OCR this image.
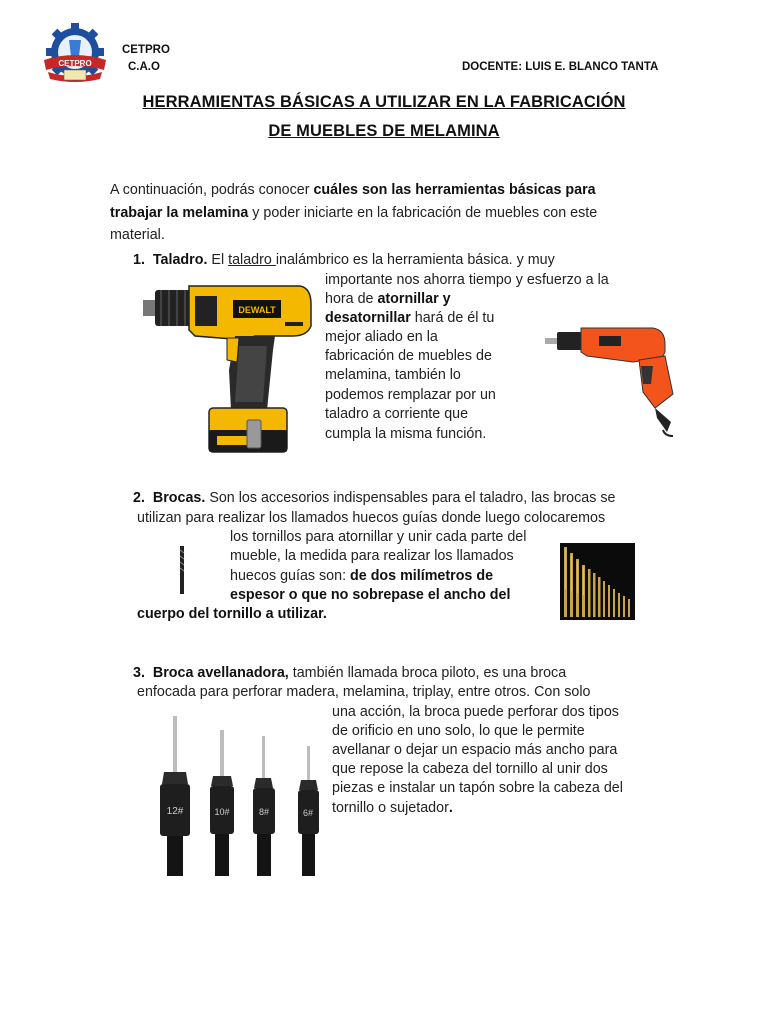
CETPRO
CETPRO
C.A.O	DOCENTE: LUIS E. BLANCO TANTA
HERRAMIENTAS BÁSICAS A UTILIZAR EN LA FABRICACIÓN
DE MUEBLES DE MELAMINA
A continuación, podrás conocer cuáles son las herramientas básicas para
trabajar la melamina y poder iniciarte en la fabricación de muebles con este
material.
1. Taladro. El taladro inalámbrico es la herramienta básica. y muy
importante nos ahorra tiempo y esfuerzo a la
hora de atornillar y
desatornillar hará de él tu
mejor aliado en la
fabricación de muebles de
melamina, también lo
podemos remplazar por un
taladro a corriente que
cumpla la misma función.
DEWALT
2. Brocas. Son los accesorios indispensables para el taladro, las brocas se
utilizan para realizar los llamados huecos guías donde luego colocaremos
los tornillos para atornillar y unir cada parte del
mueble, la medida para realizar los llamados
huecos guías son: de dos milímetros de
espesor o que no sobrepase el ancho del
cuerpo del tornillo a utilizar.
3. Broca avellanadora, también llamada broca piloto, es una broca
enfocada para perforar madera, melamina, triplay, entre otros. Con solo
una acción, la broca puede perforar dos tipos
de orificio en uno solo, lo que le permite
avellanar o dejar un espacio más ancho para
que repose la cabeza del tornillo al unir dos
piezas e instalar un tapón sobre la cabeza del
tornillo o sujetador.
12#	10#	8#	6#
